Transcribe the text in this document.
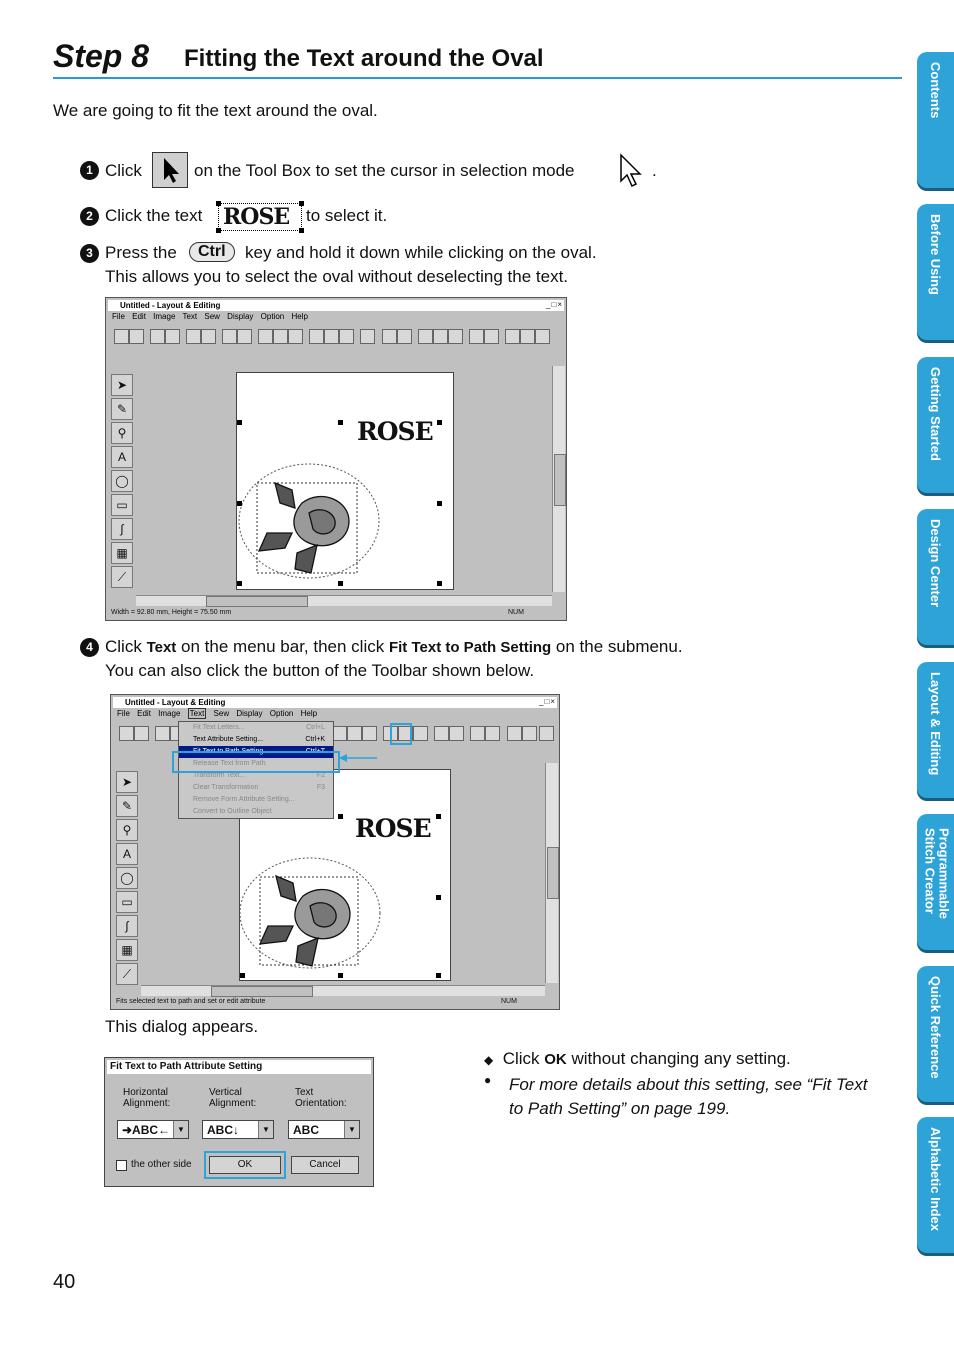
Step 8 Fitting the Text around the Oval
We are going to fit the text around the oval.
1 Click	on the Tool Box to set the cursor in selection mode	.
2 Click the text ROSE to select it.
3 Press the	Ctrl	key and hold it down while clicking on the oval.
This allows you to select the oval without deselecting the text.
Untitled - Layout & Editing	_□×
File Edit Image Text Sew Display Option Help
➤
✎
⚲
A
◯
▭
∫
▦
⟋
ROSE
Width = 92.80 mm, Height = 75.50 mm	NUM
4 Click Text on the menu bar, then click Fit Text to Path Setting on the submenu.
You can also click the button of the Toolbar shown below.
Untitled - Layout & Editing	_□×
File Edit Image Text Sew Display Option Help
➤
✎
⚲
A
◯
▭
∫
▦
⟋
ROSE
Fit Text Letters...	Ctrl+L
Text Attribute Setting...	Ctrl+K
Fit Text to Path Setting...	Ctrl+T
Release Text from Path
Transform Text...	F2
Clear Transformation	F3
Remove Form Attribute Setting...
Convert to Outline Object
Fits selected text to path and set or edit attribute	NUM
This dialog appears.
Fit Text to Path Attribute Setting
Horizontal Alignment:
Vertical Alignment:
Text Orientation:
➜ABC← ▼	ABC↓	▼	ABC	▼
the other side	OK	Cancel
◆ Click OK without changing any setting.
● For more details about this setting, see “Fit Text to Path Setting” on page 199.
Contents
Before Using
Getting Started
Design Center
Layout & Editing
Programmable Stitch Creator
Quick Reference
Alphabetic Index
40
